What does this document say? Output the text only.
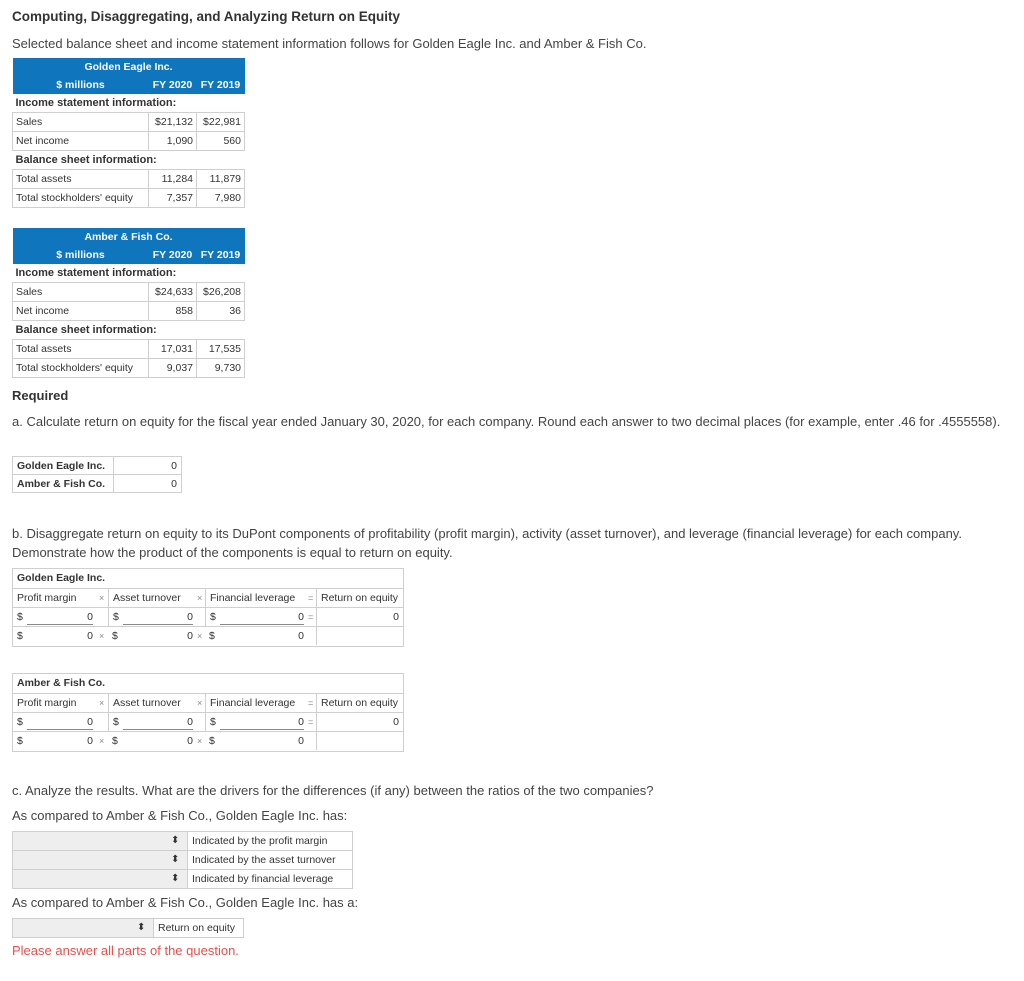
Computing, Disaggregating, and Analyzing Return on Equity
Selected balance sheet and income statement information follows for Golden Eagle Inc. and Amber & Fish Co.
Golden Eagle Inc.		
$ millions	FY 2020	FY 2019
Income statement information:		
Sales	$21,132	$22,981
Net income	1,090	560
Balance sheet information:		
Total assets	11,284	11,879
Total stockholders' equity	7,357	7,980
Amber & Fish Co.		
$ millions	FY 2020	FY 2019
Income statement information:		
Sales	$24,633	$26,208
Net income	858	36
Balance sheet information:		
Total assets	17,031	17,535
Total stockholders' equity	9,037	9,730
Required
a. Calculate return on equity for the fiscal year ended January 30, 2020, for each company. Round each answer to two decimal places (for example, enter .46 for .4555558).
Golden Eagle Inc.	0
Amber & Fish Co.	0
b. Disaggregate return on equity to its DuPont components of profitability (profit margin), activity (asset turnover), and leverage (financial leverage) for each company. Demonstrate how the product of the components is equal to return on equity.
Golden Eagle Inc.
Profit margin × Asset turnover × Financial leverage = Return on equity
$	0	$	0	$	0 =	0
$	0 × $	0 × $	0
Amber & Fish Co.
Profit margin × Asset turnover × Financial leverage = Return on equity
$	0	$	0	$	0 =	0
$	0 × $	0 × $	0
c. Analyze the results. What are the drivers for the differences (if any) between the ratios of the two companies?
As compared to Amber & Fish Co., Golden Eagle Inc. has:
⬍	Indicated by the profit margin
⬍	Indicated by the asset turnover
⬍	Indicated by financial leverage
As compared to Amber & Fish Co., Golden Eagle Inc. has a:
⬍	Return on equity
Please answer all parts of the question.
